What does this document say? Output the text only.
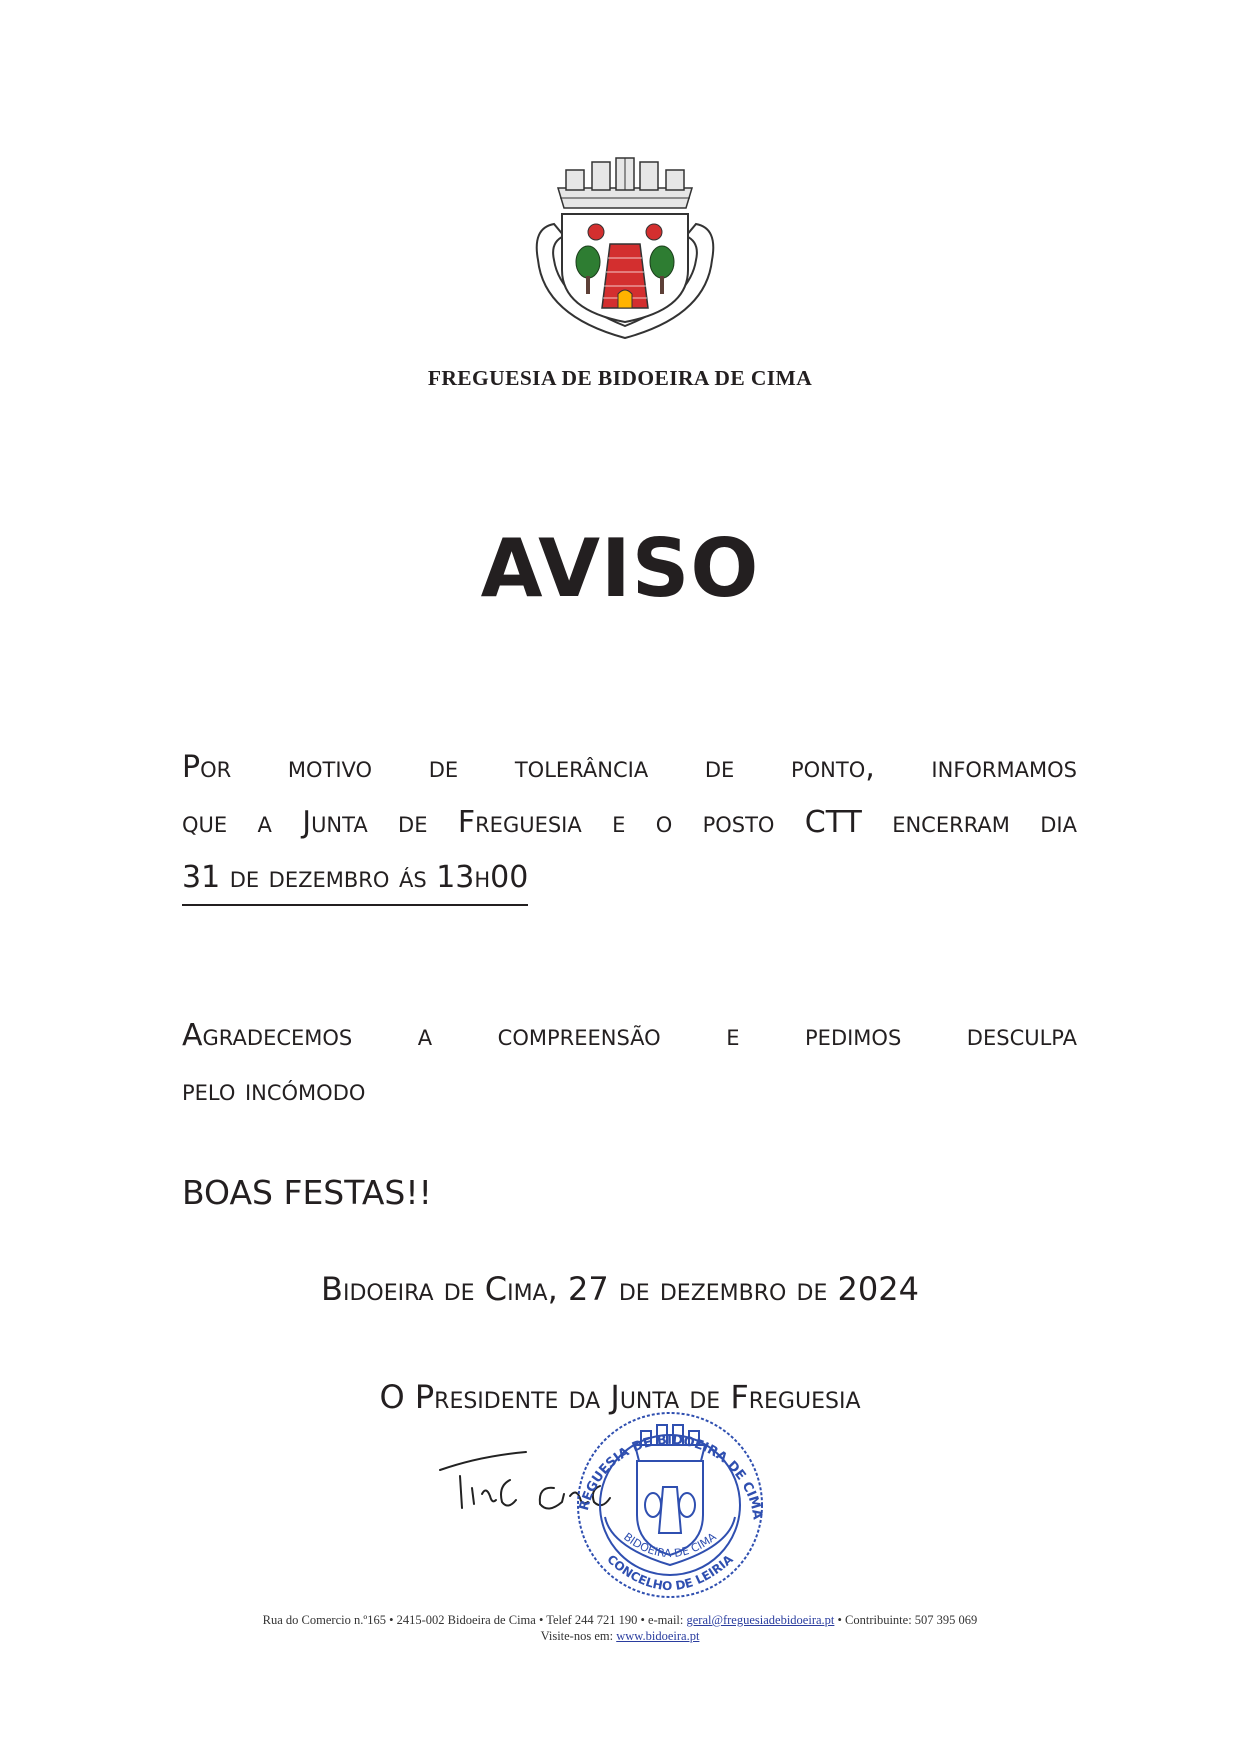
FREGUESIA DE BIDOEIRA DE CIMA
AVISO
Por motivo de tolerância de ponto, informamos
que a Junta de Freguesia e o posto CTT encerram dia
31 de dezembro ás 13h00
Agradecemos a compreensão e pedimos desculpa
pelo incómodo
BOAS FESTAS!!
Bidoeira de Cima, 27 de dezembro de 2024
O Presidente da Junta de Freguesia
REGUESIA DE BIDOEIRA DE CIMA
BIDOEIRA DE CIMA
CONCELHO DE LEIRIA
Rua do Comercio n.º165 • 2415-002 Bidoeira de Cima • Telef 244 721 190 • e-mail: geral@freguesiadebidoeira.pt • Contribuinte: 507 395 069
Visite-nos em: www.bidoeira.pt
